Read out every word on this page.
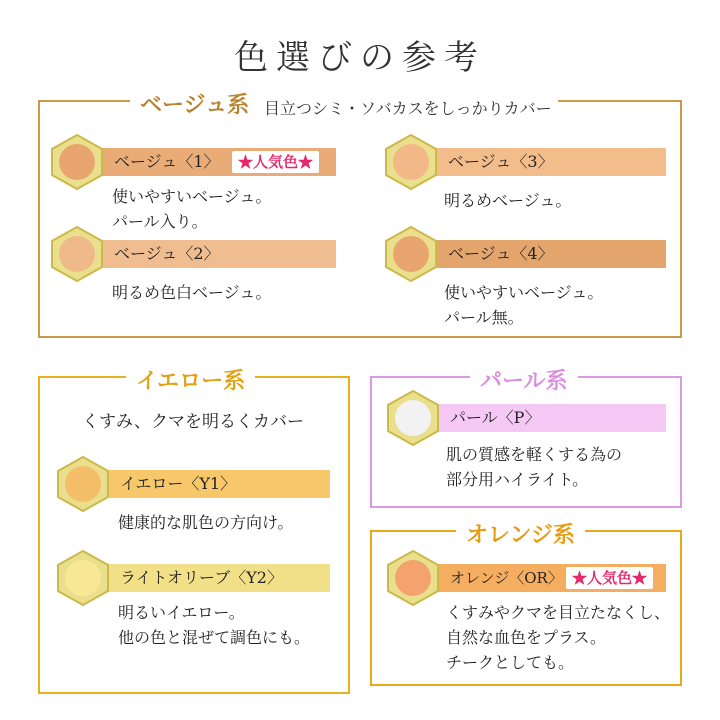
色選びの参考
ベージュ系 目立つシミ・ソバカスをしっかりカバー
ベージュ〈1〉	★人気色★
使いやすいベージュ。
パール入り。
ベージュ〈2〉
明るめ色白ベージュ。
ベージュ〈3〉
明るめベージュ。
ベージュ〈4〉
使いやすいベージュ。
パール無。
イエロー系
くすみ、クマを明るくカバー
イエロー〈Y1〉
健康的な肌色の方向け。
ライトオリーブ〈Y2〉
明るいイエロー。
他の色と混ぜて調色にも。
パール系
パール〈P〉
肌の質感を軽くする為の
部分用ハイライト。
オレンジ系
オレンジ〈OR〉 ★人気色★
くすみやクマを目立たなくし、
自然な血色をプラス。
チークとしても。
